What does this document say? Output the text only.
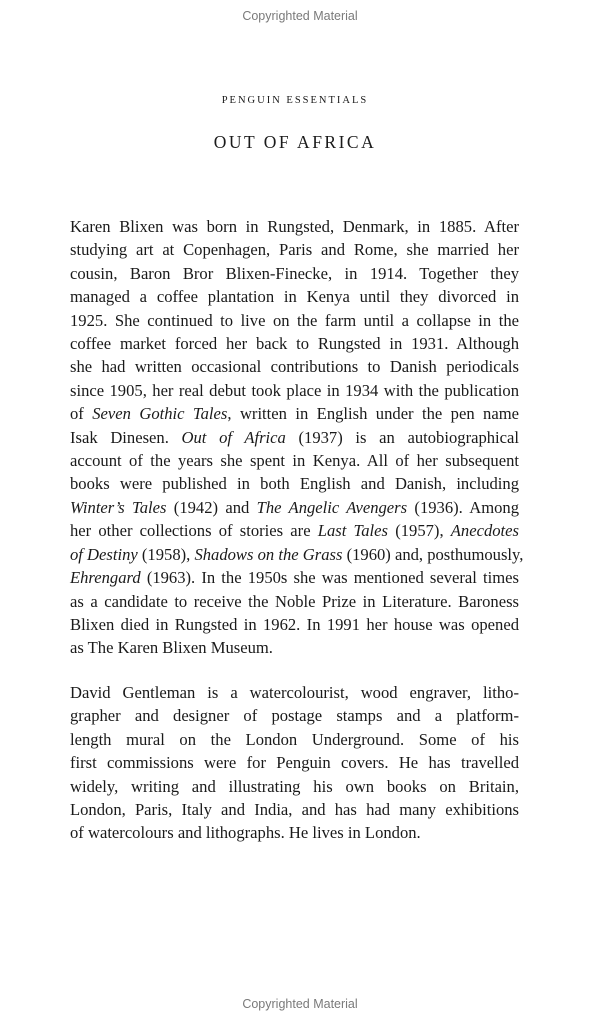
Copyrighted Material
PENGUIN ESSENTIALS
OUT OF AFRICA
Karen Blixen was born in Rungsted, Denmark, in 1885. After
studying art at Copenhagen, Paris and Rome, she married her
cousin, Baron Bror Blixen-Finecke, in 1914. Together they
managed a coffee plantation in Kenya until they divorced in
1925. She continued to live on the farm until a collapse in the
coffee market forced her back to Rungsted in 1931. Although
she had written occasional contributions to Danish periodicals
since 1905, her real debut took place in 1934 with the publication
of Seven Gothic Tales, written in English under the pen name
Isak Dinesen. Out of Africa (1937) is an autobiographical
account of the years she spent in Kenya. All of her subsequent
books were published in both English and Danish, including
Winter’s Tales (1942) and The Angelic Avengers (1936). Among
her other collections of stories are Last Tales (1957), Anecdotes
of Destiny (1958), Shadows on the Grass (1960) and, posthumously,
Ehrengard (1963). In the 1950s she was mentioned several times
as a candidate to receive the Noble Prize in Literature. Baroness
Blixen died in Rungsted in 1962. In 1991 her house was opened
as The Karen Blixen Museum.
David Gentleman is a watercolourist, wood engraver, litho-
grapher and designer of postage stamps and a platform-
length mural on the London Underground. Some of his
first commissions were for Penguin covers. He has travelled
widely, writing and illustrating his own books on Britain,
London, Paris, Italy and India, and has had many exhibitions
of watercolours and lithographs. He lives in London.
Copyrighted Material
